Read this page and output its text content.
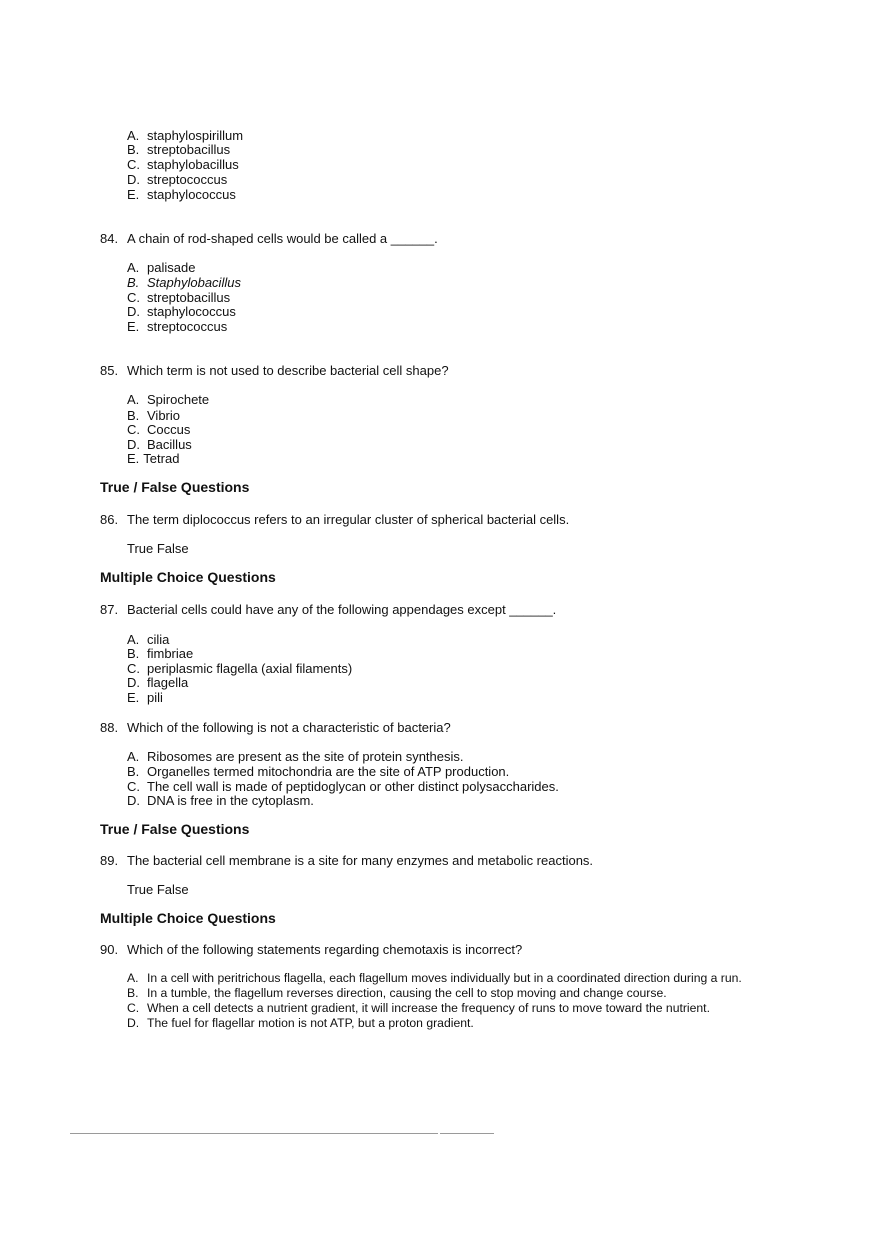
A. staphylospirillum
B. streptobacillus
C. staphylobacillus
D. streptococcus
E. staphylococcus
84. A chain of rod-shaped cells would be called a ______.
A. palisade
B. Staphylobacillus
C. streptobacillus
D. staphylococcus
E. streptococcus
85. Which term is not used to describe bacterial cell shape?
A. Spirochete
B. Vibrio
C. Coccus
D. Bacillus
E. Tetrad
True / False Questions
86. The term diplococcus refers to an irregular cluster of spherical bacterial cells.
True False
Multiple Choice Questions
87. Bacterial cells could have any of the following appendages except ______.
A. cilia
B. fimbriae
C. periplasmic flagella (axial filaments)
D. flagella
E. pili
88. Which of the following is not a characteristic of bacteria?
A. Ribosomes are present as the site of protein synthesis.
B. Organelles termed mitochondria are the site of ATP production.
C. The cell wall is made of peptidoglycan or other distinct polysaccharides.
D. DNA is free in the cytoplasm.
True / False Questions
89. The bacterial cell membrane is a site for many enzymes and metabolic reactions.
True False
Multiple Choice Questions
90. Which of the following statements regarding chemotaxis is incorrect?
A. In a cell with peritrichous flagella, each flagellum moves individually but in a coordinated direction during a run.
B. In a tumble, the flagellum reverses direction, causing the cell to stop moving and change course.
C. When a cell detects a nutrient gradient, it will increase the frequency of runs to move toward the nutrient.
D. The fuel for flagellar motion is not ATP, but a proton gradient.
